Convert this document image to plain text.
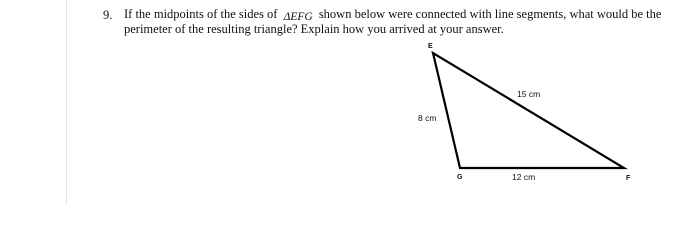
9. If the midpoints of the sides of ΔEFG shown below were connected with line segments, what would be the perimeter of the resulting triangle? Explain how you arrived at your answer.
E
G	F
15 cm
8 cm
12 cm
